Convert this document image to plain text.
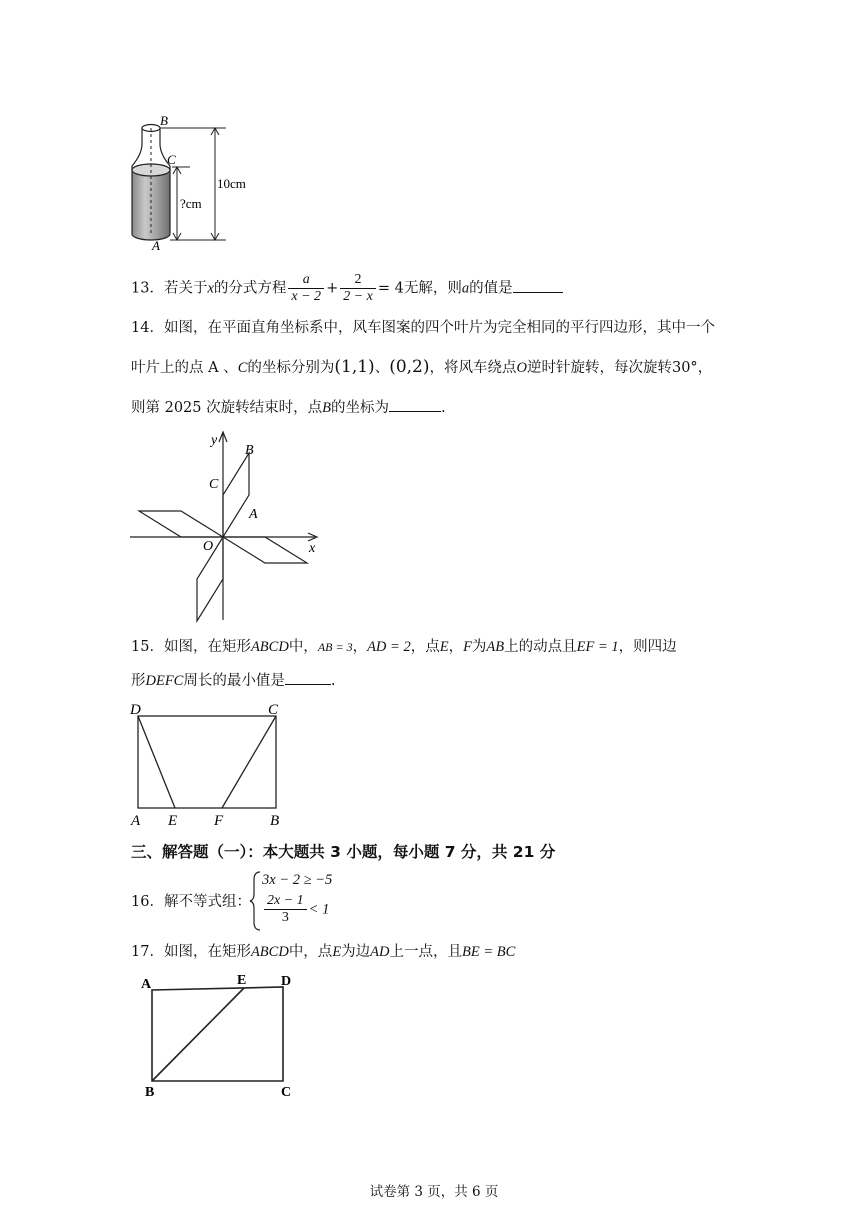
B
C
A
10cm
?cm
13．若关于x的分式方程 $\frac{a}{x - 2} + \frac{2}{2 - x} = 4$无解，则a的值是
14．如图，在平面直角坐标系中，风车图案的四个叶片为完全相同的平行四边形，其中一个
叶片上的点 A 、C的坐标分别为(1,1)、(0,2)，将风车绕点O逆时针旋转，每次旋转30°，
则第 2025 次旋转结束时，点B的坐标为	.
y
x
O
A
B
C
15．如图，在矩形ABCD中，AB = 3，AD = 2，点E，F为AB上的动点且EF = 1，则四边
形DEFC周长的最小值是	.
D	C
A E F	B
三、解答题（一）：本大题共 3 小题，每小题 7 分，共 21 分
16．解不等式组：
3x − 2 ≥ −5
$\frac{2x - 1}{3} < 1$
17．如图，在矩形ABCD中，点E为边AD上一点，且BE = BC
A	E D
B	C
试卷第 3 页，共 6 页
